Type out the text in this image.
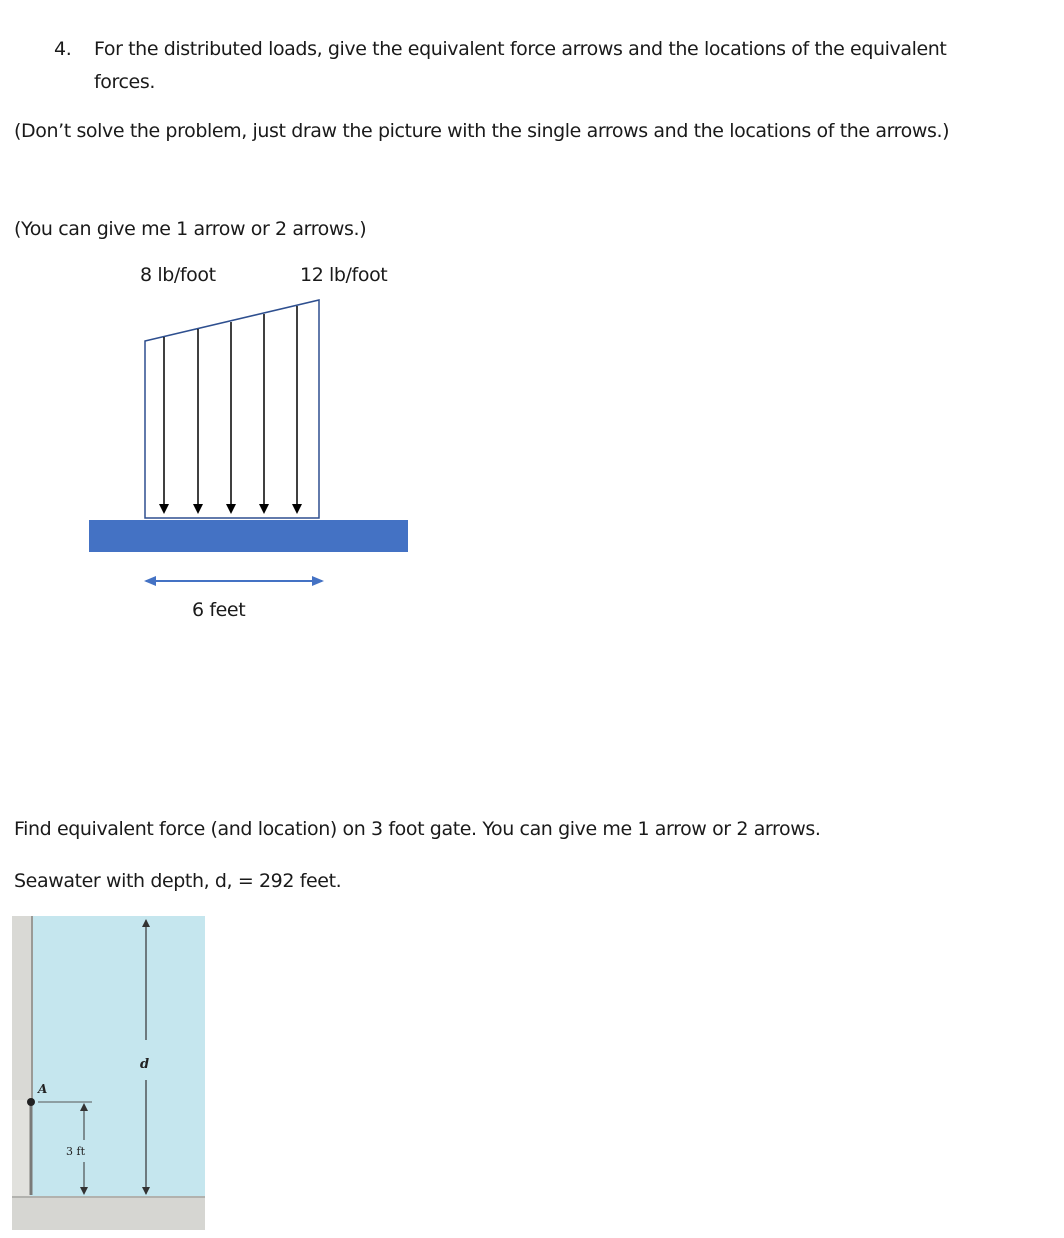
4. For the distributed loads, give the equivalent force arrows and the locations of the equivalent
forces.
(Don’t solve the problem, just draw the picture with the single arrows and the locations of the arrows.)
(You can give me 1 arrow or 2 arrows.)
8 lb/foot	12 lb/foot
A
d
3 ft
6 feet
Find equivalent force (and location) on 3 foot gate. You can give me 1 arrow or 2 arrows.
Seawater with depth, d, = 292 feet.
